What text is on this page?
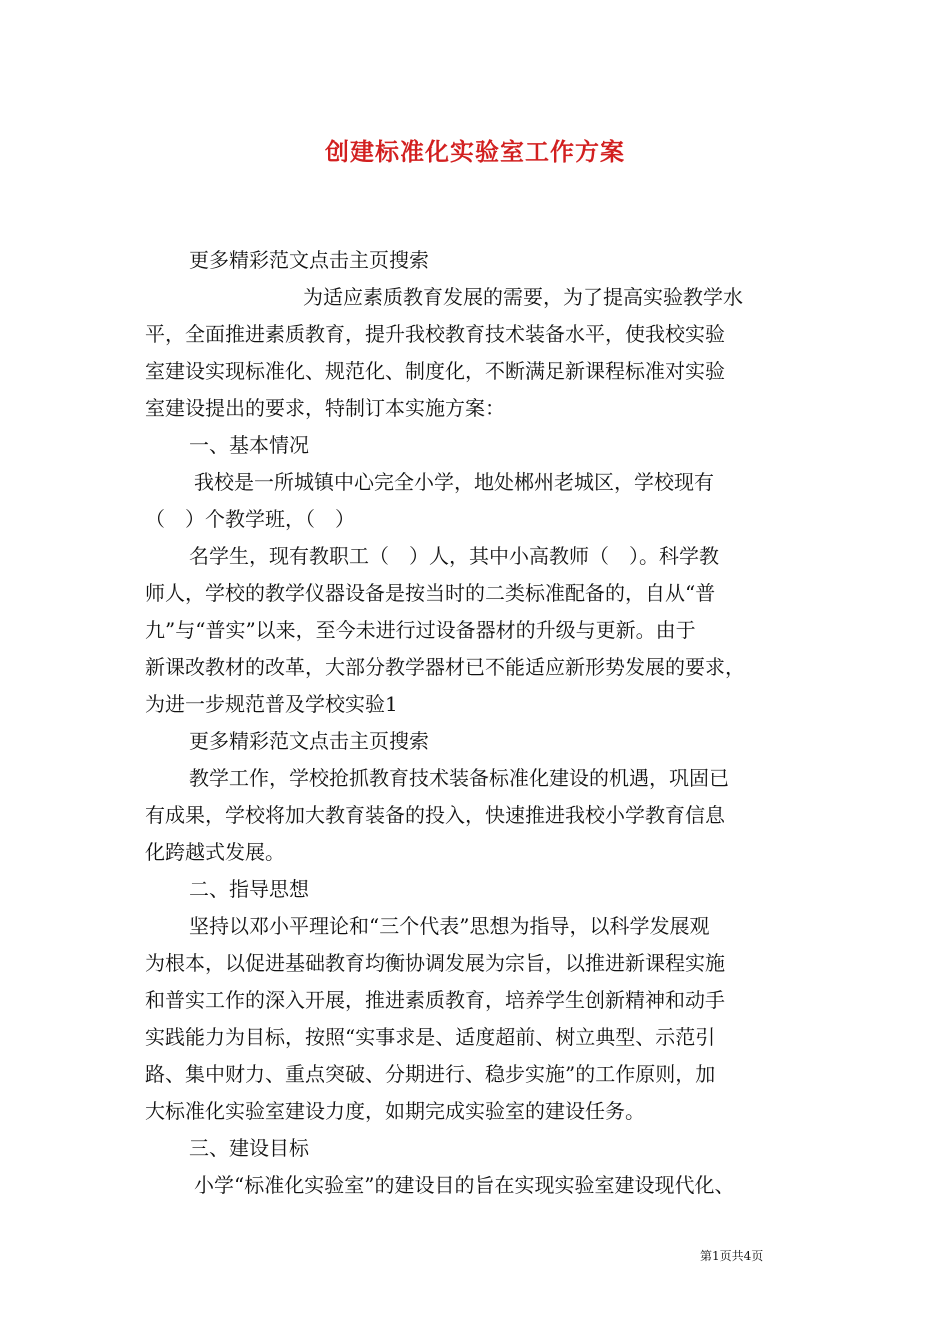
创建标准化实验室工作方案
更多精彩范文点击主页搜索
为适应素质教育发展的需要，为了提高实验教学水
平，全面推进素质教育，提升我校教育技术装备水平，使我校实验
室建设实现标准化、规范化、制度化，不断满足新课程标准对实验
室建设提出的要求，特制订本实施方案：
一、基本情况
我校是一所城镇中心完全小学，地处郴州老城区，学校现有
（　）个教学班，（　）
名学生，现有教职工（　）人，其中小高教师（　）。科学教
师人，学校的教学仪器设备是按当时的二类标准配备的，自从“普
九”与“普实”以来，至今未进行过设备器材的升级与更新。由于
新课改教材的改革，大部分教学器材已不能适应新形势发展的要求，
为进一步规范普及学校实验1
更多精彩范文点击主页搜索
教学工作，学校抢抓教育技术装备标准化建设的机遇，巩固已
有成果，学校将加大教育装备的投入，快速推进我校小学教育信息
化跨越式发展。
二、指导思想
坚持以邓小平理论和“三个代表”思想为指导，以科学发展观
为根本，以促进基础教育均衡协调发展为宗旨，以推进新课程实施
和普实工作的深入开展，推进素质教育，培养学生创新精神和动手
实践能力为目标，按照“实事求是、适度超前、树立典型、示范引
路、集中财力、重点突破、分期进行、稳步实施”的工作原则，加
大标准化实验室建设力度，如期完成实验室的建设任务。
三、建设目标
小学“标准化实验室”的建设目的旨在实现实验室建设现代化、
第1页共4页
